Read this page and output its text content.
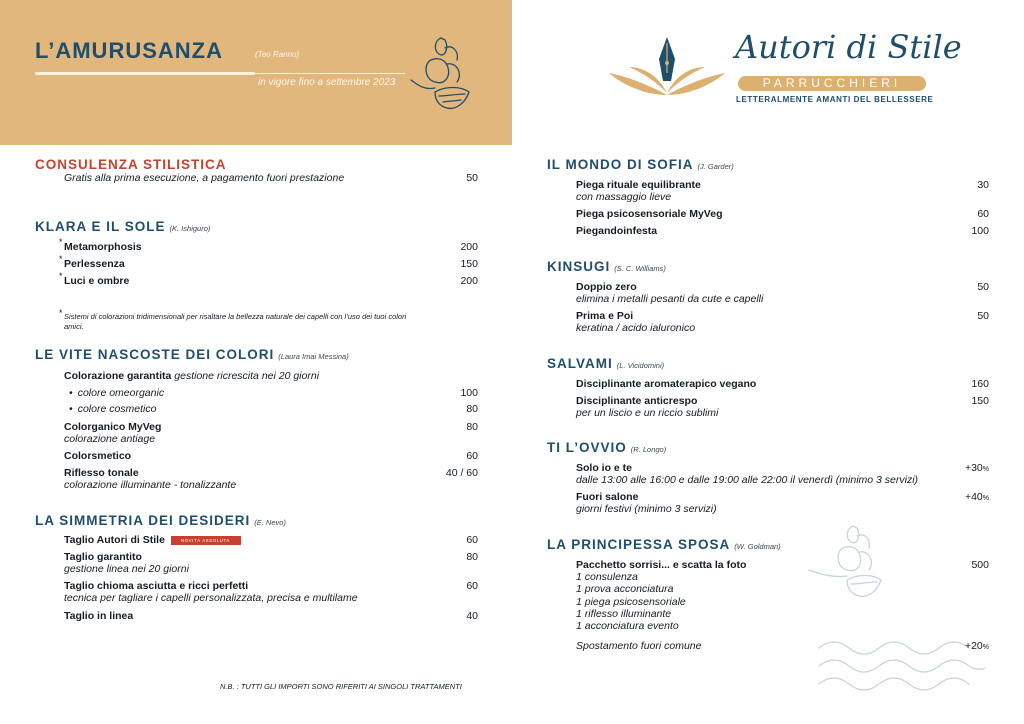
L’AMURUSANZA	(Teo Ranno)
in vigore fino a settembre 2023
Autori di Stile
PARRUCCHIERI
LETTERALMENTE AMANTI DEL BELLESSERE
CONSULENZA STILISTICA
Gratis alla prima esecuzione, a pagamento fuori prestazione	50
KLARA E IL SOLE (K. Ishiguro)
* Metamorphosis	200
* Perlessenza	150
* Luci e ombre	200
* Sistemi di colorazioni tridimensionali per risaltare la bellezza naturale dei capelli con l’uso dei tuoi colori amici.
LE VITE NASCOSTE DEI COLORI (Laura Imai Messina)
Colorazione garantita gestione ricrescita nei 20 giorni
• colore omeorganic	100
• colore cosmetico	80
Colorganico MyVeg
colorazione antiage
80
Colorsmetico	60
Riflesso tonale
colorazione illuminante - tonalizzante
40 / 60
LA SIMMETRIA DEI DESIDERI (E. Nevo)
Taglio Autori di Stile	NOVITÀ ASSOLUTA	60
Taglio garantito
gestione linea nei 20 giorni
80
Taglio chioma asciutta e ricci perfetti
tecnica per tagliare i capelli personalizzata, precisa e multilame
60
Taglio in linea	40
N.B. : TUTTI GLI IMPORTI SONO RIFERITI AI SINGOLI TRATTAMENTI
IL MONDO DI SOFIA (J. Garder)
Piega rituale equilibrante
con massaggio lieve
30
Piega psicosensoriale MyVeg	60
Piegandoinfesta	100
KINSUGI (S. C. Williams)
Doppio zero
elimina i metalli pesanti da cute e capelli
50
Prima e Poi
keratina / acido ialuronico
50
SALVAMI (L. Vicidomini)
Disciplinante aromaterapico vegano	160
Disciplinante anticrespo
per un liscio e un riccio sublimi
150
TI L’OVVIO (R. Longo)
Solo io e te
dalle 13:00 alle 16:00 e dalle 19:00 alle 22:00 il venerdì (minimo 3 servizi)
+30%
Fuori salone
giorni festivi (minimo 3 servizi)
+40%
LA PRINCIPESSA SPOSA (W. Goldman)
Pacchetto sorrisi... e scatta la foto	500
1 consulenza
1 prova acconciatura
1 piega psicosensoriale
1 riflesso illuminante
1 acconciatura evento
Spostamento fuori comune	+20%
